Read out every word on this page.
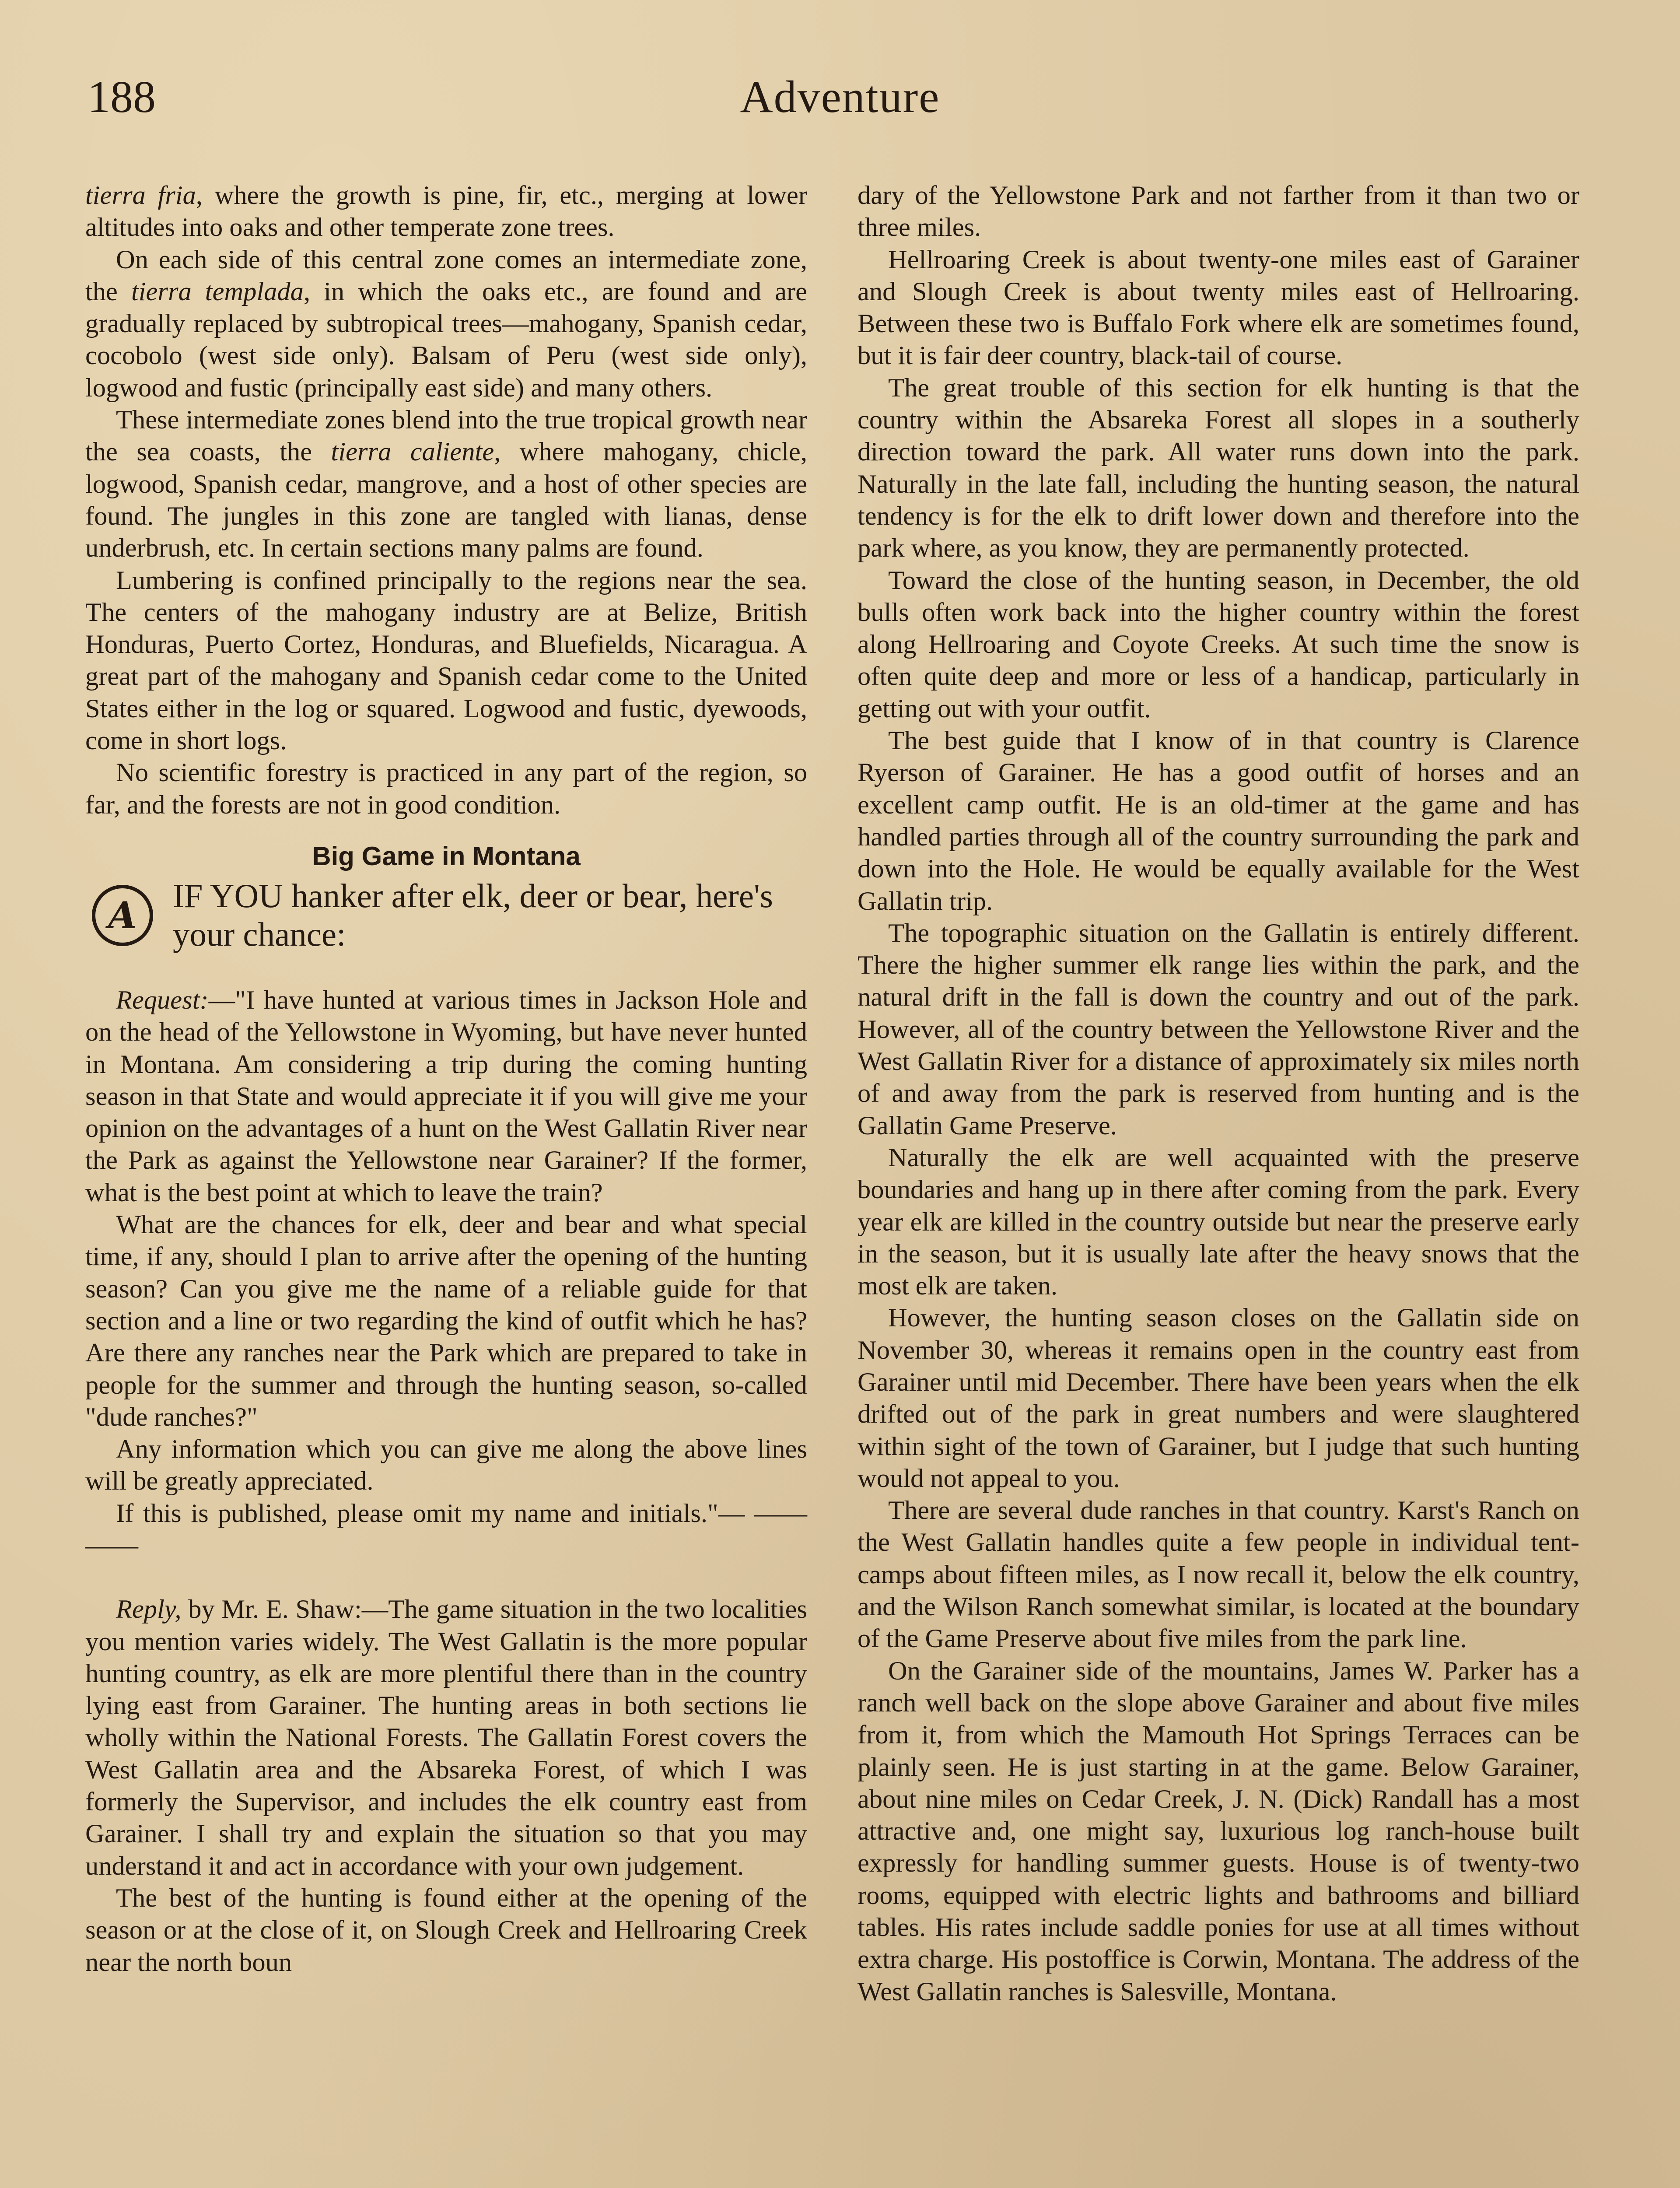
188	Adventure

tierra fria, where the growth is pine, fir, etc., merging at lower altitudes into oaks and other temperate zone trees.

On each side of this central zone comes an intermediate zone, the tierra templada, in which the oaks etc., are found and are gradually replaced by subtropical trees—mahogany, Spanish cedar, cocobolo (west side only). Balsam of Peru (west side only), logwood and fustic (principally east side) and many others.

These intermediate zones blend into the true tropical growth near the sea coasts, the tierra caliente, where mahogany, chicle, logwood, Spanish cedar, mangrove, and a host of other species are found. The jungles in this zone are tangled with lianas, dense underbrush, etc. In certain sections many palms are found.

Lumbering is confined principally to the regions near the sea. The centers of the mahogany industry are at Belize, British Honduras, Puerto Cortez, Honduras, and Bluefields, Nicaragua. A great part of the mahogany and Spanish cedar come to the United States either in the log or squared. Logwood and fustic, dyewoods, come in short logs.

No scientific forestry is practiced in any part of the region, so far, and the forests are not in good condition.

Big Game in Montana
A IF YOU hanker after elk, deer or bear, here's your chance:

Request:—"I have hunted at various times in Jackson Hole and on the head of the Yellowstone in Wyoming, but have never hunted in Montana. Am considering a trip during the coming hunting season in that State and would appreciate it if you will give me your opinion on the advantages of a hunt on the West Gallatin River near the Park as against the Yellowstone near Garainer? If the former, what is the best point at which to leave the train?

What are the chances for elk, deer and bear and what special time, if any, should I plan to arrive after the opening of the hunting season? Can you give me the name of a reliable guide for that section and a line or two regarding the kind of outfit which he has? Are there any ranches near the Park which are prepared to take in people for the summer and through the hunting season, so-called "dude ranches?"

Any information which you can give me along the above lines will be greatly appreciated.

If this is published, please omit my name and initials."— —— ——

Reply, by Mr. E. Shaw:—The game situation in the two localities you mention varies widely. The West Gallatin is the more popular hunting country, as elk are more plentiful there than in the country lying east from Garainer. The hunting areas in both sections lie wholly within the National Forests. The Gallatin Forest covers the West Gallatin area and the Absareka Forest, of which I was formerly the Supervisor, and includes the elk country east from Garainer. I shall try and explain the situation so that you may understand it and act in accordance with your own judgement.

The best of the hunting is found either at the opening of the season or at the close of it, on Slough Creek and Hellroaring Creek near the north boun

dary of the Yellowstone Park and not farther from it than two or three miles.

Hellroaring Creek is about twenty-one miles east of Garainer and Slough Creek is about twenty miles east of Hellroaring. Between these two is Buffalo Fork where elk are sometimes found, but it is fair deer country, black-tail of course.

The great trouble of this section for elk hunting is that the country within the Absareka Forest all slopes in a southerly direction toward the park. All water runs down into the park. Naturally in the late fall, including the hunting season, the natural tendency is for the elk to drift lower down and therefore into the park where, as you know, they are permanently protected.

Toward the close of the hunting season, in December, the old bulls often work back into the higher country within the forest along Hellroaring and Coyote Creeks. At such time the snow is often quite deep and more or less of a handicap, particularly in getting out with your outfit.

The best guide that I know of in that country is Clarence Ryerson of Garainer. He has a good outfit of horses and an excellent camp outfit. He is an old-timer at the game and has handled parties through all of the country surrounding the park and down into the Hole. He would be equally available for the West Gallatin trip.

The topographic situation on the Gallatin is entirely different. There the higher summer elk range lies within the park, and the natural drift in the fall is down the country and out of the park. However, all of the country between the Yellowstone River and the West Gallatin River for a distance of approximately six miles north of and away from the park is reserved from hunting and is the Gallatin Game Preserve.

Naturally the elk are well acquainted with the preserve boundaries and hang up in there after coming from the park. Every year elk are killed in the country outside but near the preserve early in the season, but it is usually late after the heavy snows that the most elk are taken.

However, the hunting season closes on the Gallatin side on November 30, whereas it remains open in the country east from Garainer until mid December. There have been years when the elk drifted out of the park in great numbers and were slaughtered within sight of the town of Garainer, but I judge that such hunting would not appeal to you.

There are several dude ranches in that country. Karst's Ranch on the West Gallatin handles quite a few people in individual tent-camps about fifteen miles, as I now recall it, below the elk country, and the Wilson Ranch somewhat similar, is located at the boundary of the Game Preserve about five miles from the park line.

On the Garainer side of the mountains, James W. Parker has a ranch well back on the slope above Garainer and about five miles from it, from which the Mamouth Hot Springs Terraces can be plainly seen. He is just starting in at the game. Below Garainer, about nine miles on Cedar Creek, J. N. (Dick) Randall has a most attractive and, one might say, luxurious log ranch-house built expressly for handling summer guests. House is of twenty-two rooms, equipped with electric lights and bathrooms and billiard tables. His rates include saddle ponies for use at all times without extra charge. His postoffice is Corwin, Montana. The address of the West Gallatin ranches is Salesville, Montana.
